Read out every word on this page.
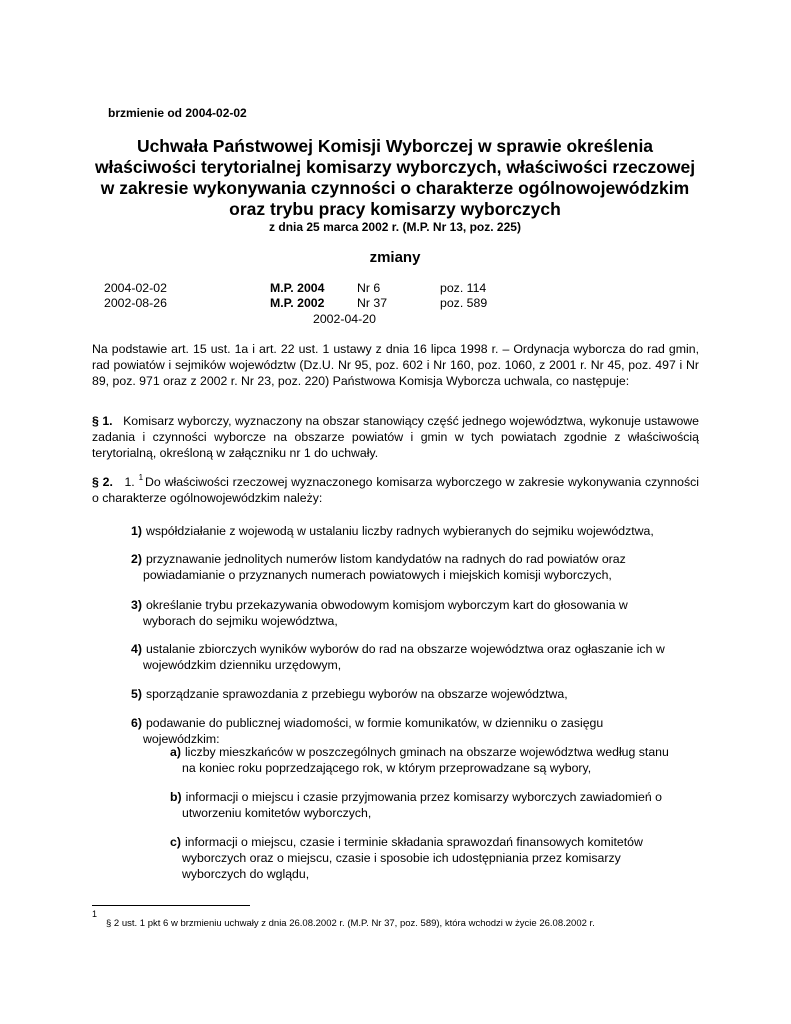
brzmienie od 2004-02-02
Uchwała Państwowej Komisji Wyborczej w sprawie określenia właściwości terytorialnej komisarzy wyborczych, właściwości rzeczowej w zakresie wykonywania czynności o charakterze ogólnowojewódzkim oraz trybu pracy komisarzy wyborczych
z dnia 25 marca 2002 r. (M.P. Nr 13, poz. 225)
zmiany
2004-02-02	M.P. 2004	Nr 6	poz. 114
2002-08-26	M.P. 2002	Nr 37	poz. 589
2002-04-20
Na podstawie art. 15 ust. 1a i art. 22 ust. 1 ustawy z dnia 16 lipca 1998 r. – Ordynacja wyborcza do rad gmin, rad powiatów i sejmików województw (Dz.U. Nr 95, poz. 602 i Nr 160, poz. 1060, z 2001 r. Nr 45, poz. 497 i Nr 89, poz. 971 oraz z 2002 r. Nr 23, poz. 220) Państwowa Komisja Wyborcza uchwala, co następuje:
§ 1. Komisarz wyborczy, wyznaczony na obszar stanowiący część jednego województwa, wykonuje ustawowe zadania i czynności wyborcze na obszarze powiatów i gmin w tych powiatach zgodnie z właściwością terytorialną, określoną w załączniku nr 1 do uchwały.
§ 2. 1. $^1$ Do właściwości rzeczowej wyznaczonego komisarza wyborczego w zakresie wykonywania czynności o charakterze ogólnowojewódzkim należy:
1) współdziałanie z wojewodą w ustalaniu liczby radnych wybieranych do sejmiku województwa,
2) przyznawanie jednolitych numerów listom kandydatów na radnych do rad powiatów oraz
powiadamianie o przyznanych numerach powiatowych i miejskich komisji wyborczych,
3) określanie trybu przekazywania obwodowym komisjom wyborczym kart do głosowania w
wyborach do sejmiku województwa,
4) ustalanie zbiorczych wyników wyborów do rad na obszarze województwa oraz ogłaszanie ich w
wojewódzkim dzienniku urzędowym,
5) sporządzanie sprawozdania z przebiegu wyborów na obszarze województwa,
6) podawanie do publicznej wiadomości, w formie komunikatów, w dzienniku o zasięgu
wojewódzkim:
a) liczby mieszkańców w poszczególnych gminach na obszarze województwa według stanu
na koniec roku poprzedzającego rok, w którym przeprowadzane są wybory,
b) informacji o miejscu i czasie przyjmowania przez komisarzy wyborczych zawiadomień o
utworzeniu komitetów wyborczych,
c) informacji o miejscu, czasie i terminie składania sprawozdań finansowych komitetów
wyborczych oraz o miejscu, czasie i sposobie ich udostępniania przez komisarzy
wyborczych do wglądu,
1
§ 2 ust. 1 pkt 6 w brzmieniu uchwały z dnia 26.08.2002 r. (M.P. Nr 37, poz. 589), która wchodzi w życie 26.08.2002 r.
